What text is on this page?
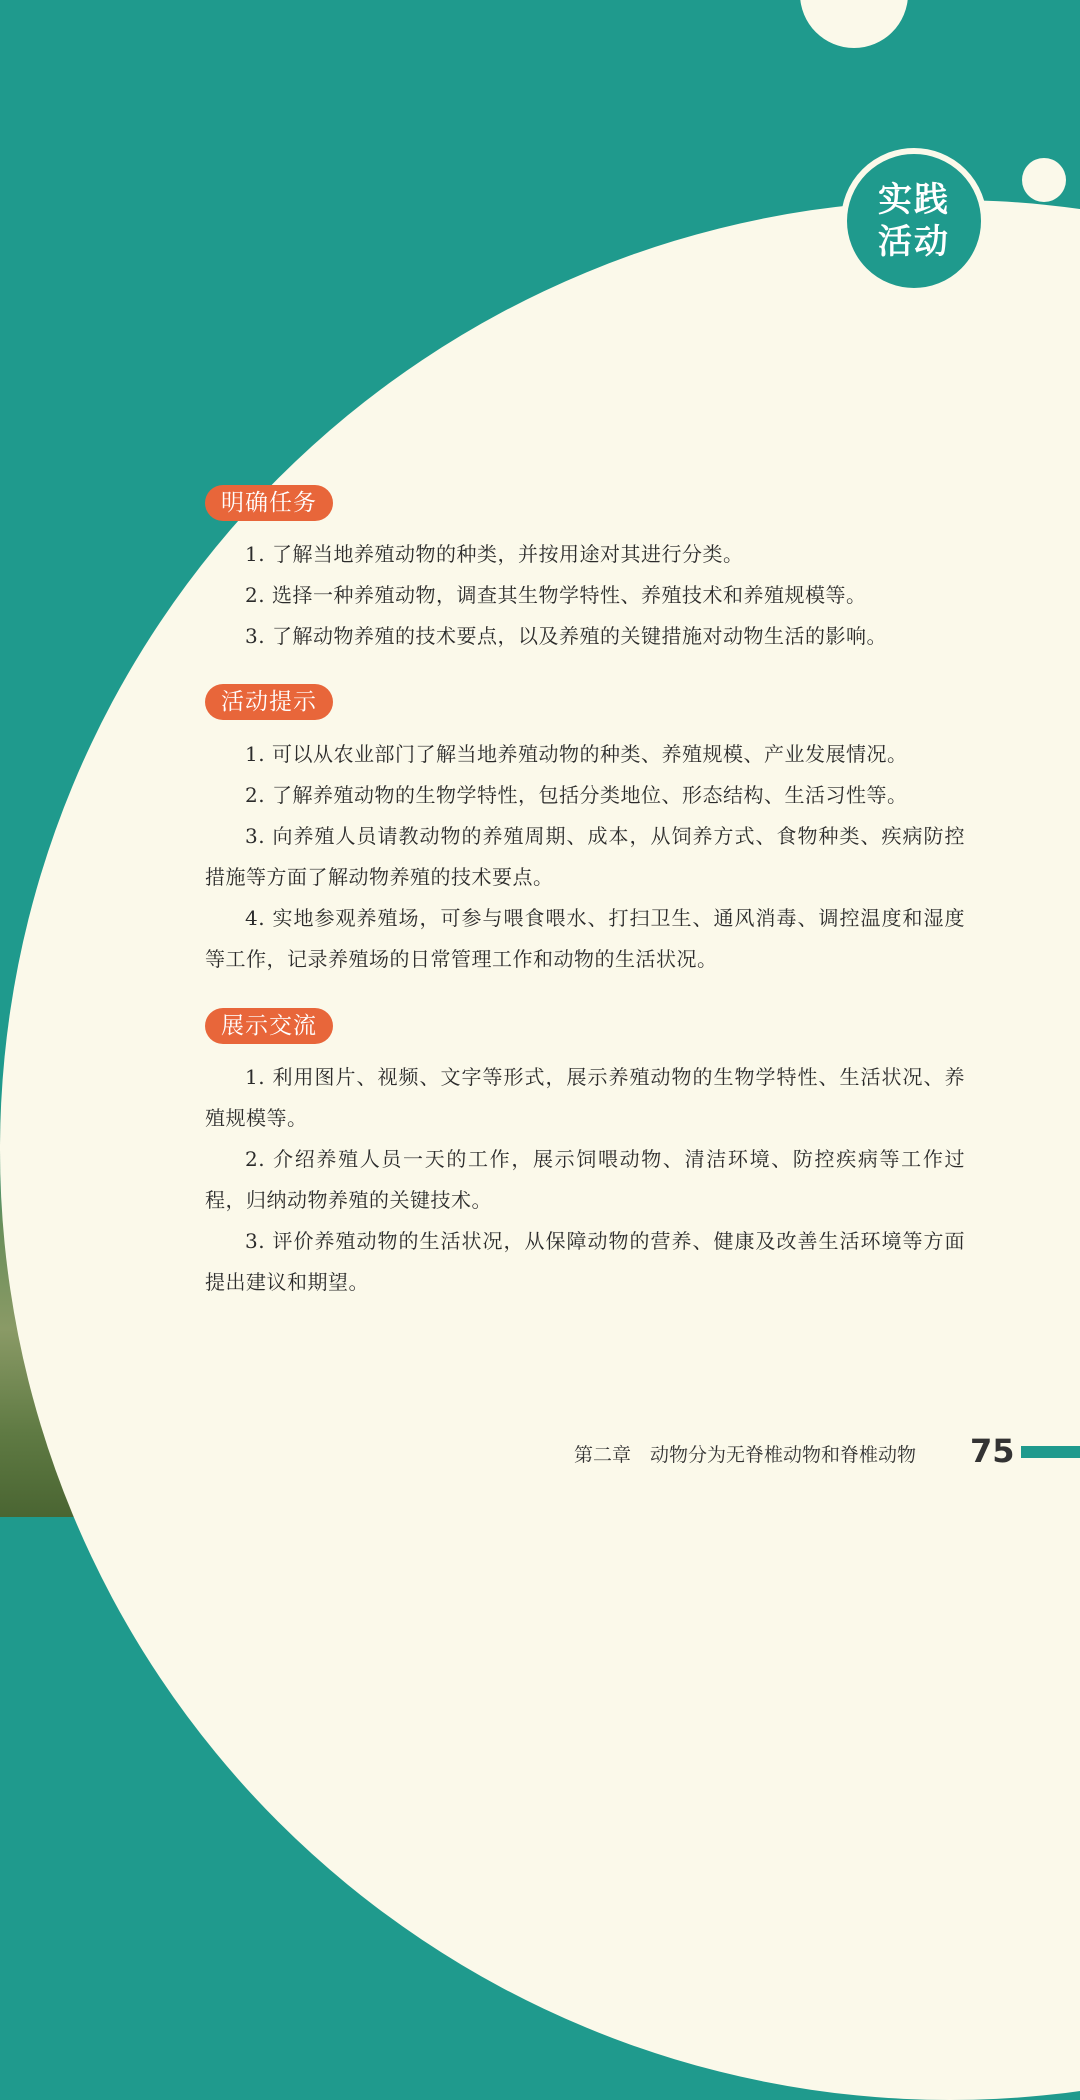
实践
活动
明确任务

1. 了解当地养殖动物的种类，并按用途对其进行分类。

2. 选择一种养殖动物，调查其生物学特性、养殖技术和养殖规模等。

3. 了解动物养殖的技术要点，以及养殖的关键措施对动物生活的影响。

活动提示

1. 可以从农业部门了解当地养殖动物的种类、养殖规模、产业发展情况。

2. 了解养殖动物的生物学特性，包括分类地位、形态结构、生活习性等。

3. 向养殖人员请教动物的养殖周期、成本，从饲养方式、食物种类、疾病防控措施等方面了解动物养殖的技术要点。

4. 实地参观养殖场，可参与喂食喂水、打扫卫生、通风消毒、调控温度和湿度等工作，记录养殖场的日常管理工作和动物的生活状况。

展示交流

1. 利用图片、视频、文字等形式，展示养殖动物的生物学特性、生活状况、养殖规模等。

2. 介绍养殖人员一天的工作，展示饲喂动物、清洁环境、防控疾病等工作过程，归纳动物养殖的关键技术。

3. 评价养殖动物的生活状况，从保障动物的营养、健康及改善生活环境等方面提出建议和期望。

第二章　动物分为无脊椎动物和脊椎动物 75
